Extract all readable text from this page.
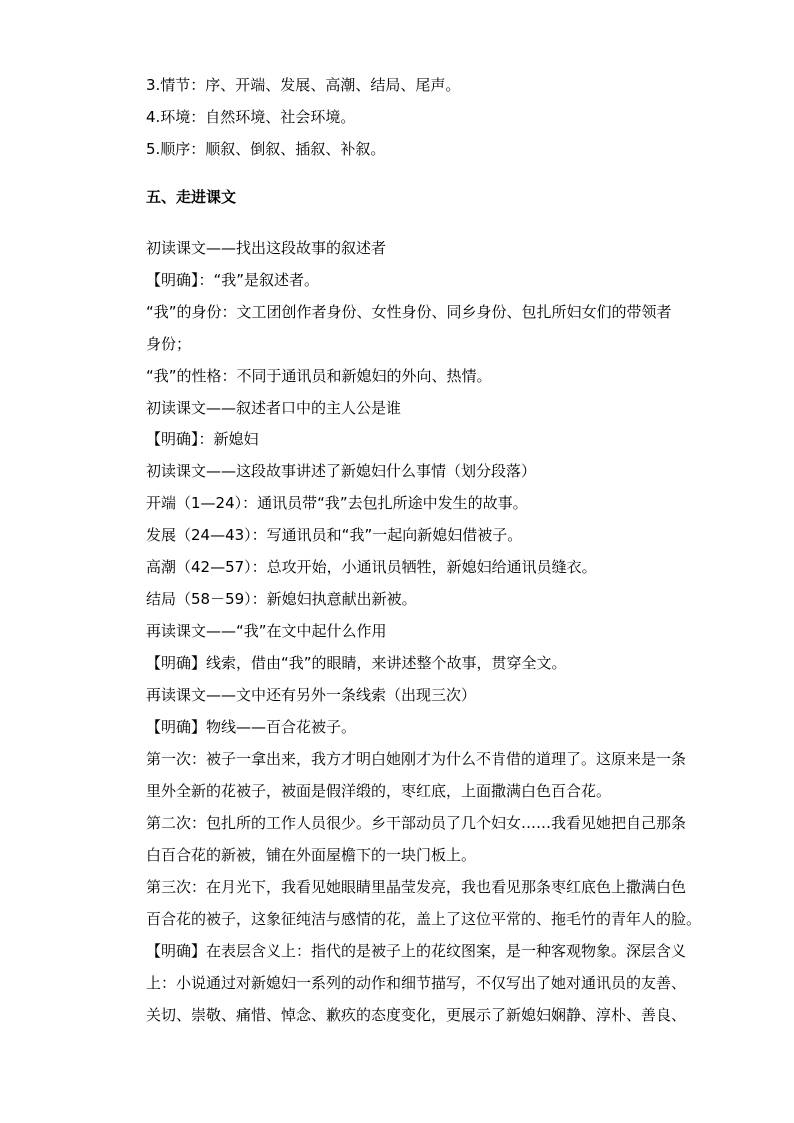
3.情节：序、开端、发展、高潮、结局、尾声。
4.环境：自然环境、社会环境。
5.顺序：顺叙、倒叙、插叙、补叙。
五、走进课文
初读课文——找出这段故事的叙述者
【明确】：“我”是叙述者。
“我”的身份：文工团创作者身份、女性身份、同乡身份、包扎所妇女们的带领者
身份；
“我”的性格：不同于通讯员和新媳妇的外向、热情。
初读课文——叙述者口中的主人公是谁
【明确】：新媳妇
初读课文——这段故事讲述了新媳妇什么事情（划分段落）
开端（1—24）：通讯员带“我”去包扎所途中发生的故事。
发展（24—43）：写通讯员和“我”一起向新媳妇借被子。
高潮（42—57）：总攻开始，小通讯员牺牲，新媳妇给通讯员缝衣。
结局（58－59）：新媳妇执意献出新被。
再读课文——“我”在文中起什么作用
【明确】线索，借由“我”的眼睛，来讲述整个故事，贯穿全文。
再读课文——文中还有另外一条线索（出现三次）
【明确】物线——百合花被子。
第一次：被子一拿出来，我方才明白她刚才为什么不肯借的道理了。这原来是一条
里外全新的花被子，被面是假洋缎的，枣红底，上面撒满白色百合花。
第二次：包扎所的工作人员很少。乡干部动员了几个妇女……我看见她把自己那条
白百合花的新被，铺在外面屋檐下的一块门板上。
第三次：在月光下，我看见她眼睛里晶莹发亮，我也看见那条枣红底色上撒满白色
百合花的被子，这象征纯洁与感情的花，盖上了这位平常的、拖毛竹的青年人的脸。
【明确】在表层含义上：指代的是被子上的花纹图案，是一种客观物象。深层含义
上：小说通过对新媳妇一系列的动作和细节描写，不仅写出了她对通讯员的友善、
关切、崇敬、痛惜、悼念、歉疚的态度变化，更展示了新媳妇娴静、淳朴、善良、
